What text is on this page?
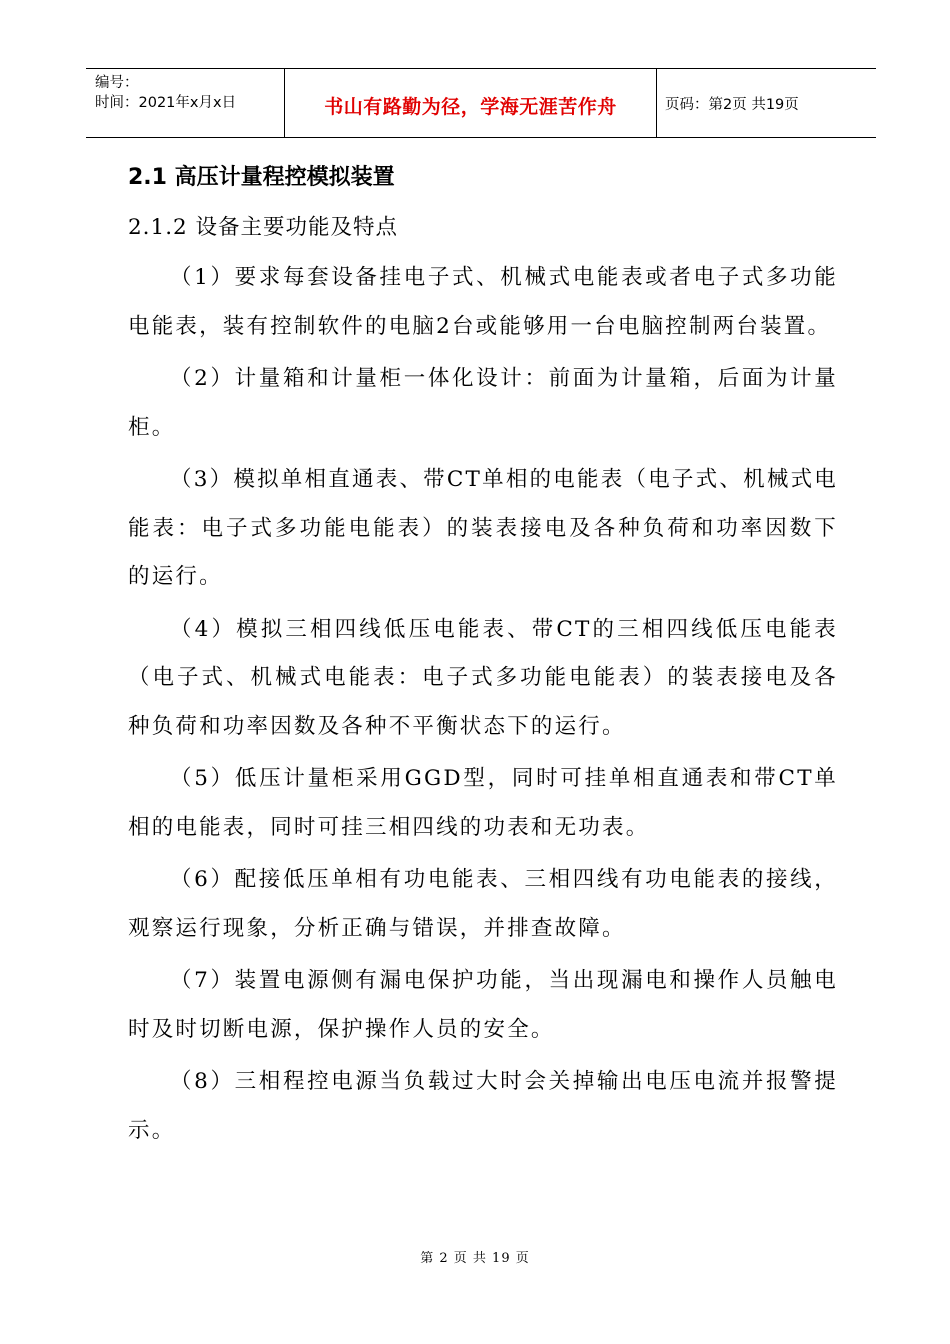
编号：
时间：2021年x月x日	书山有路勤为径，学海无涯苦作舟	页码：第2页 共19页
2.1 高压计量程控模拟装置
2.1.2 设备主要功能及特点

（1）要求每套设备挂电子式、机械式电能表或者电子式多功能电能表，装有控制软件的电脑2台或能够用一台电脑控制两台装置。

（2）计量箱和计量柜一体化设计：前面为计量箱，后面为计量柜。

（3）模拟单相直通表、带CT单相的电能表（电子式、机械式电能表：电子式多功能电能表）的装表接电及各种负荷和功率因数下的运行。

（4）模拟三相四线低压电能表、带CT的三相四线低压电能表（电子式、机械式电能表：电子式多功能电能表）的装表接电及各种负荷和功率因数及各种不平衡状态下的运行。

（5）低压计量柜采用GGD型，同时可挂单相直通表和带CT单相的电能表，同时可挂三相四线的功表和无功表。

（6）配接低压单相有功电能表、三相四线有功电能表的接线，观察运行现象，分析正确与错误，并排查故障。

（7）装置电源侧有漏电保护功能，当出现漏电和操作人员触电时及时切断电源，保护操作人员的安全。

（8）三相程控电源当负载过大时会关掉输出电压电流并报警提示。

第 2 页 共 19 页
